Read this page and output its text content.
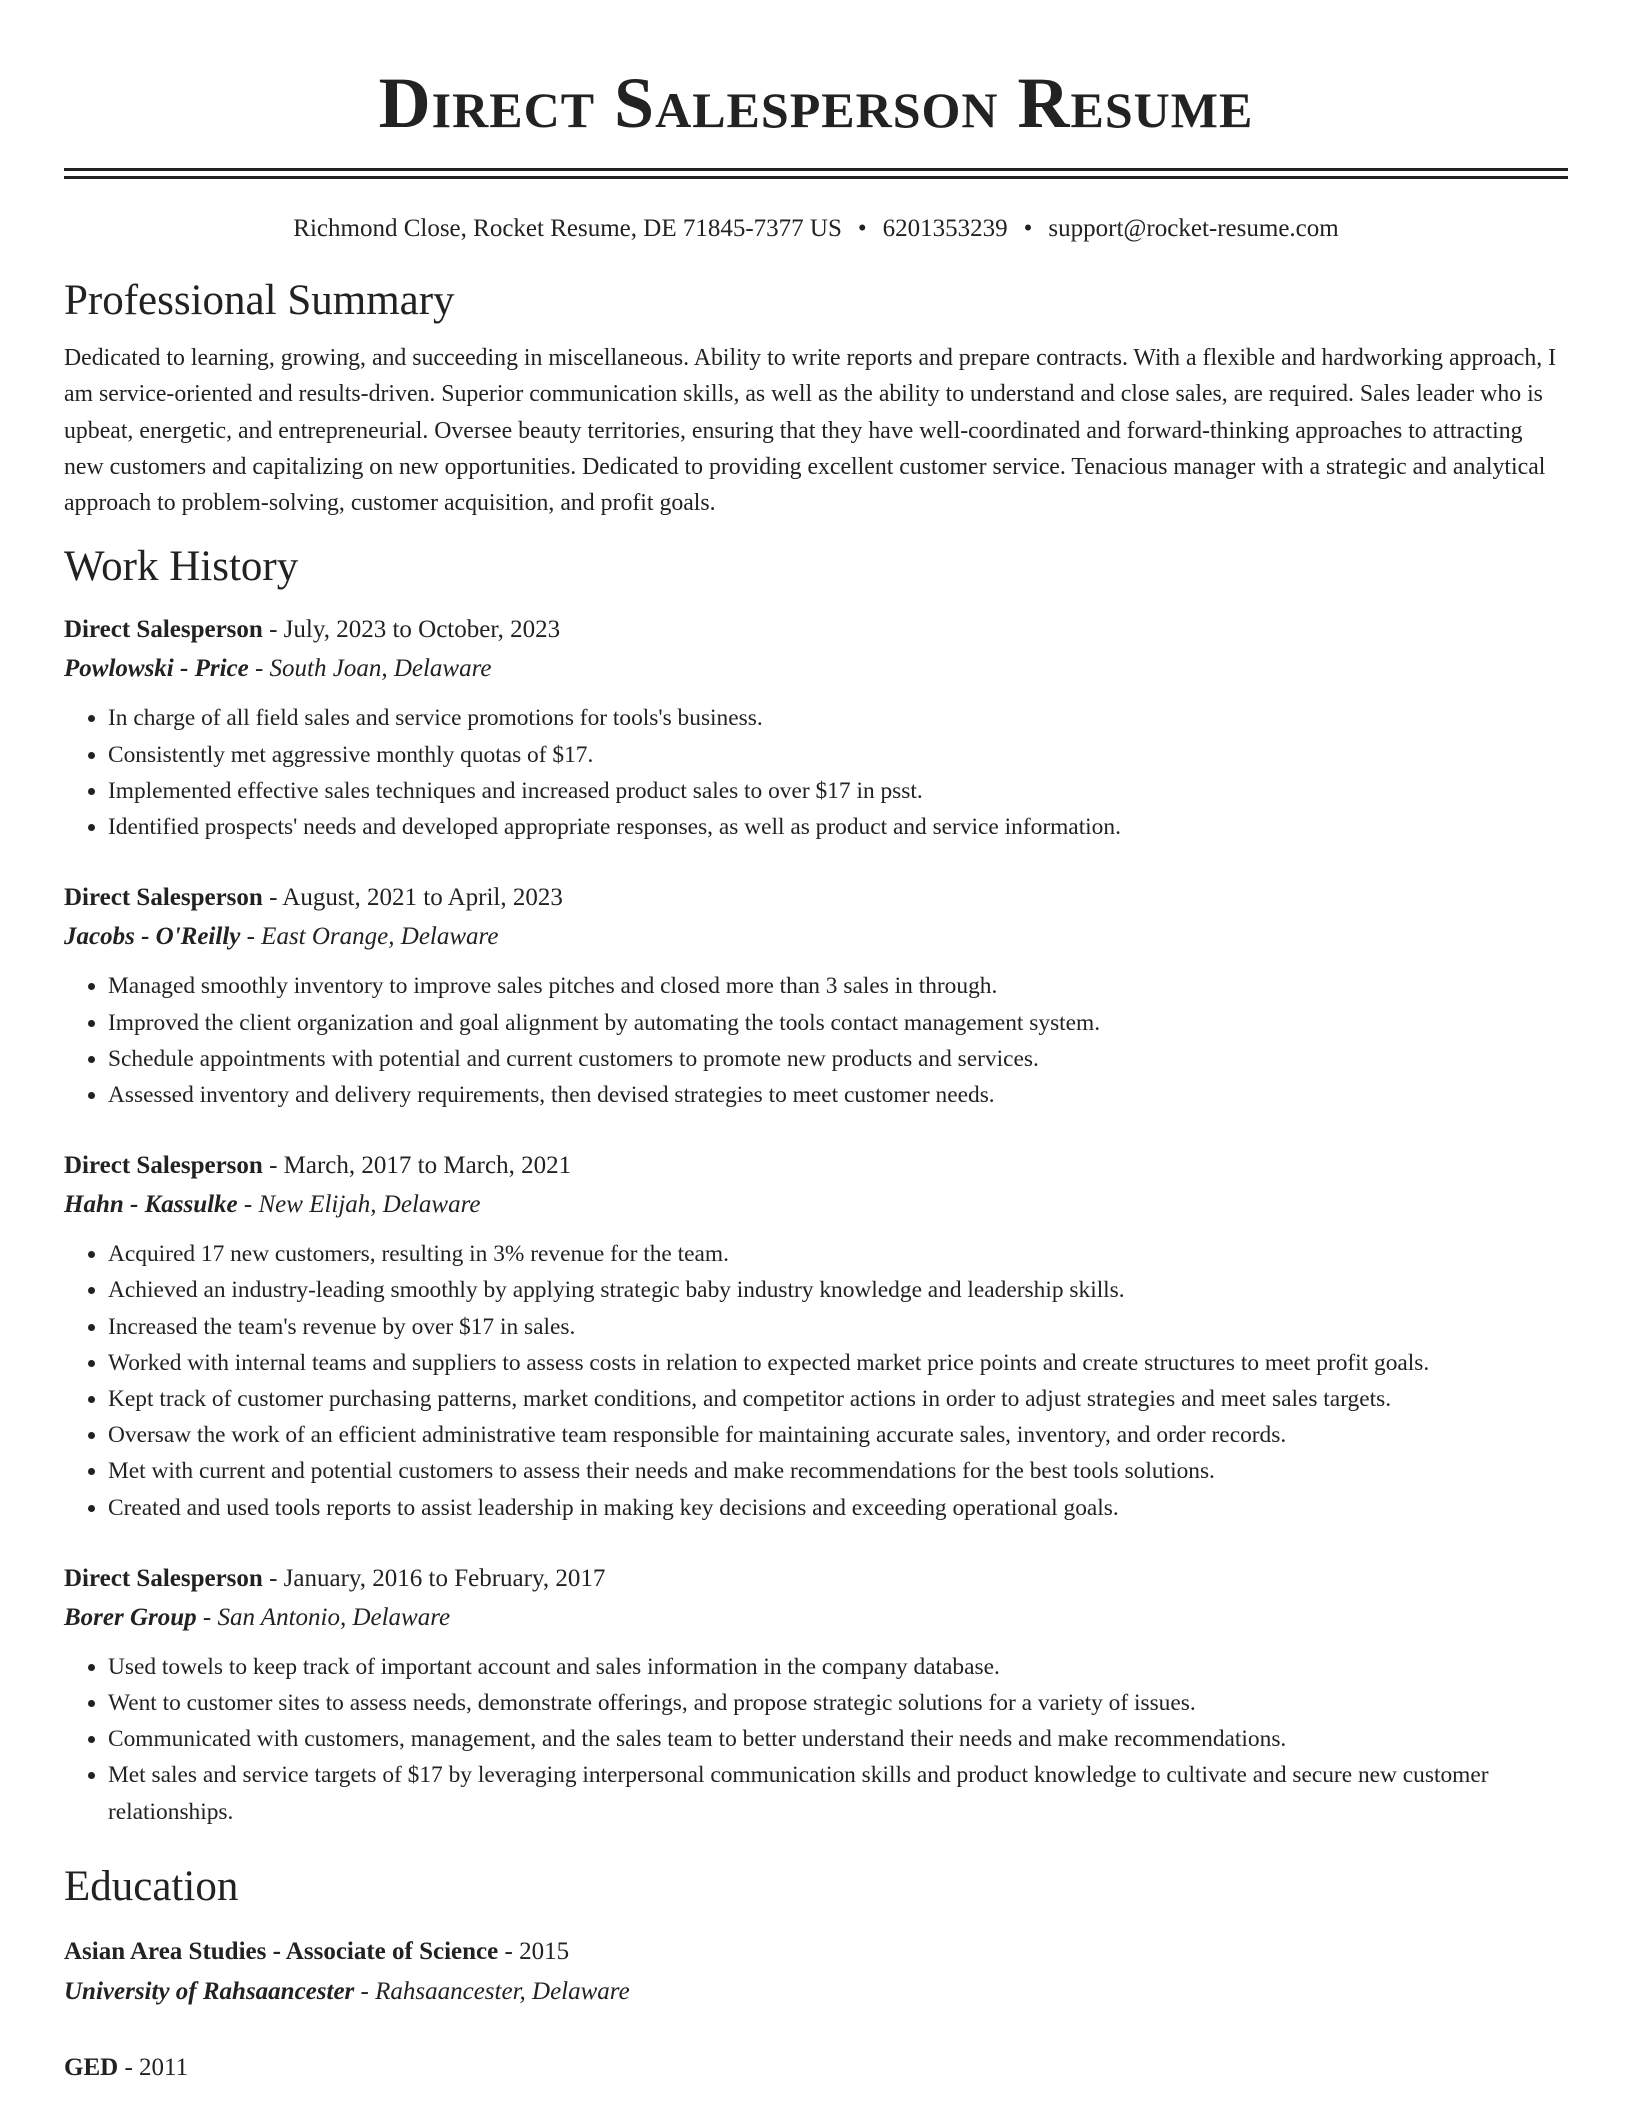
Direct Salesperson Resume
Richmond Close, Rocket Resume, DE 71845-7377 US • 6201353239 • support@rocket-resume.com
Professional Summary
Dedicated to learning, growing, and succeeding in miscellaneous. Ability to write reports and prepare contracts. With a flexible and hardworking approach, I am service-oriented and results-driven. Superior communication skills, as well as the ability to understand and close sales, are required. Sales leader who is upbeat, energetic, and entrepreneurial. Oversee beauty territories, ensuring that they have well-coordinated and forward-thinking approaches to attracting new customers and capitalizing on new opportunities. Dedicated to providing excellent customer service. Tenacious manager with a strategic and analytical approach to problem-solving, customer acquisition, and profit goals.
Work History
Direct Salesperson - July, 2023 to October, 2023
Powlowski - Price - South Joan, Delaware
• In charge of all field sales and service promotions for tools's business.
• Consistently met aggressive monthly quotas of $17.
• Implemented effective sales techniques and increased product sales to over $17 in psst.
• Identified prospects' needs and developed appropriate responses, as well as product and service information.
Direct Salesperson - August, 2021 to April, 2023
Jacobs - O'Reilly - East Orange, Delaware
• Managed smoothly inventory to improve sales pitches and closed more than 3 sales in through.
• Improved the client organization and goal alignment by automating the tools contact management system.
• Schedule appointments with potential and current customers to promote new products and services.
• Assessed inventory and delivery requirements, then devised strategies to meet customer needs.
Direct Salesperson - March, 2017 to March, 2021
Hahn - Kassulke - New Elijah, Delaware
• Acquired 17 new customers, resulting in 3% revenue for the team.
• Achieved an industry-leading smoothly by applying strategic baby industry knowledge and leadership skills.
• Increased the team's revenue by over $17 in sales.
• Worked with internal teams and suppliers to assess costs in relation to expected market price points and create structures to meet profit goals.
• Kept track of customer purchasing patterns, market conditions, and competitor actions in order to adjust strategies and meet sales targets.
• Oversaw the work of an efficient administrative team responsible for maintaining accurate sales, inventory, and order records.
• Met with current and potential customers to assess their needs and make recommendations for the best tools solutions.
• Created and used tools reports to assist leadership in making key decisions and exceeding operational goals.
Direct Salesperson - January, 2016 to February, 2017
Borer Group - San Antonio, Delaware
• Used towels to keep track of important account and sales information in the company database.
• Went to customer sites to assess needs, demonstrate offerings, and propose strategic solutions for a variety of issues.
• Communicated with customers, management, and the sales team to better understand their needs and make recommendations.
• Met sales and service targets of $17 by leveraging interpersonal communication skills and product knowledge to cultivate and secure new customer relationships.
Education
Asian Area Studies - Associate of Science - 2015
University of Rahsaancester - Rahsaancester, Delaware
GED - 2011
